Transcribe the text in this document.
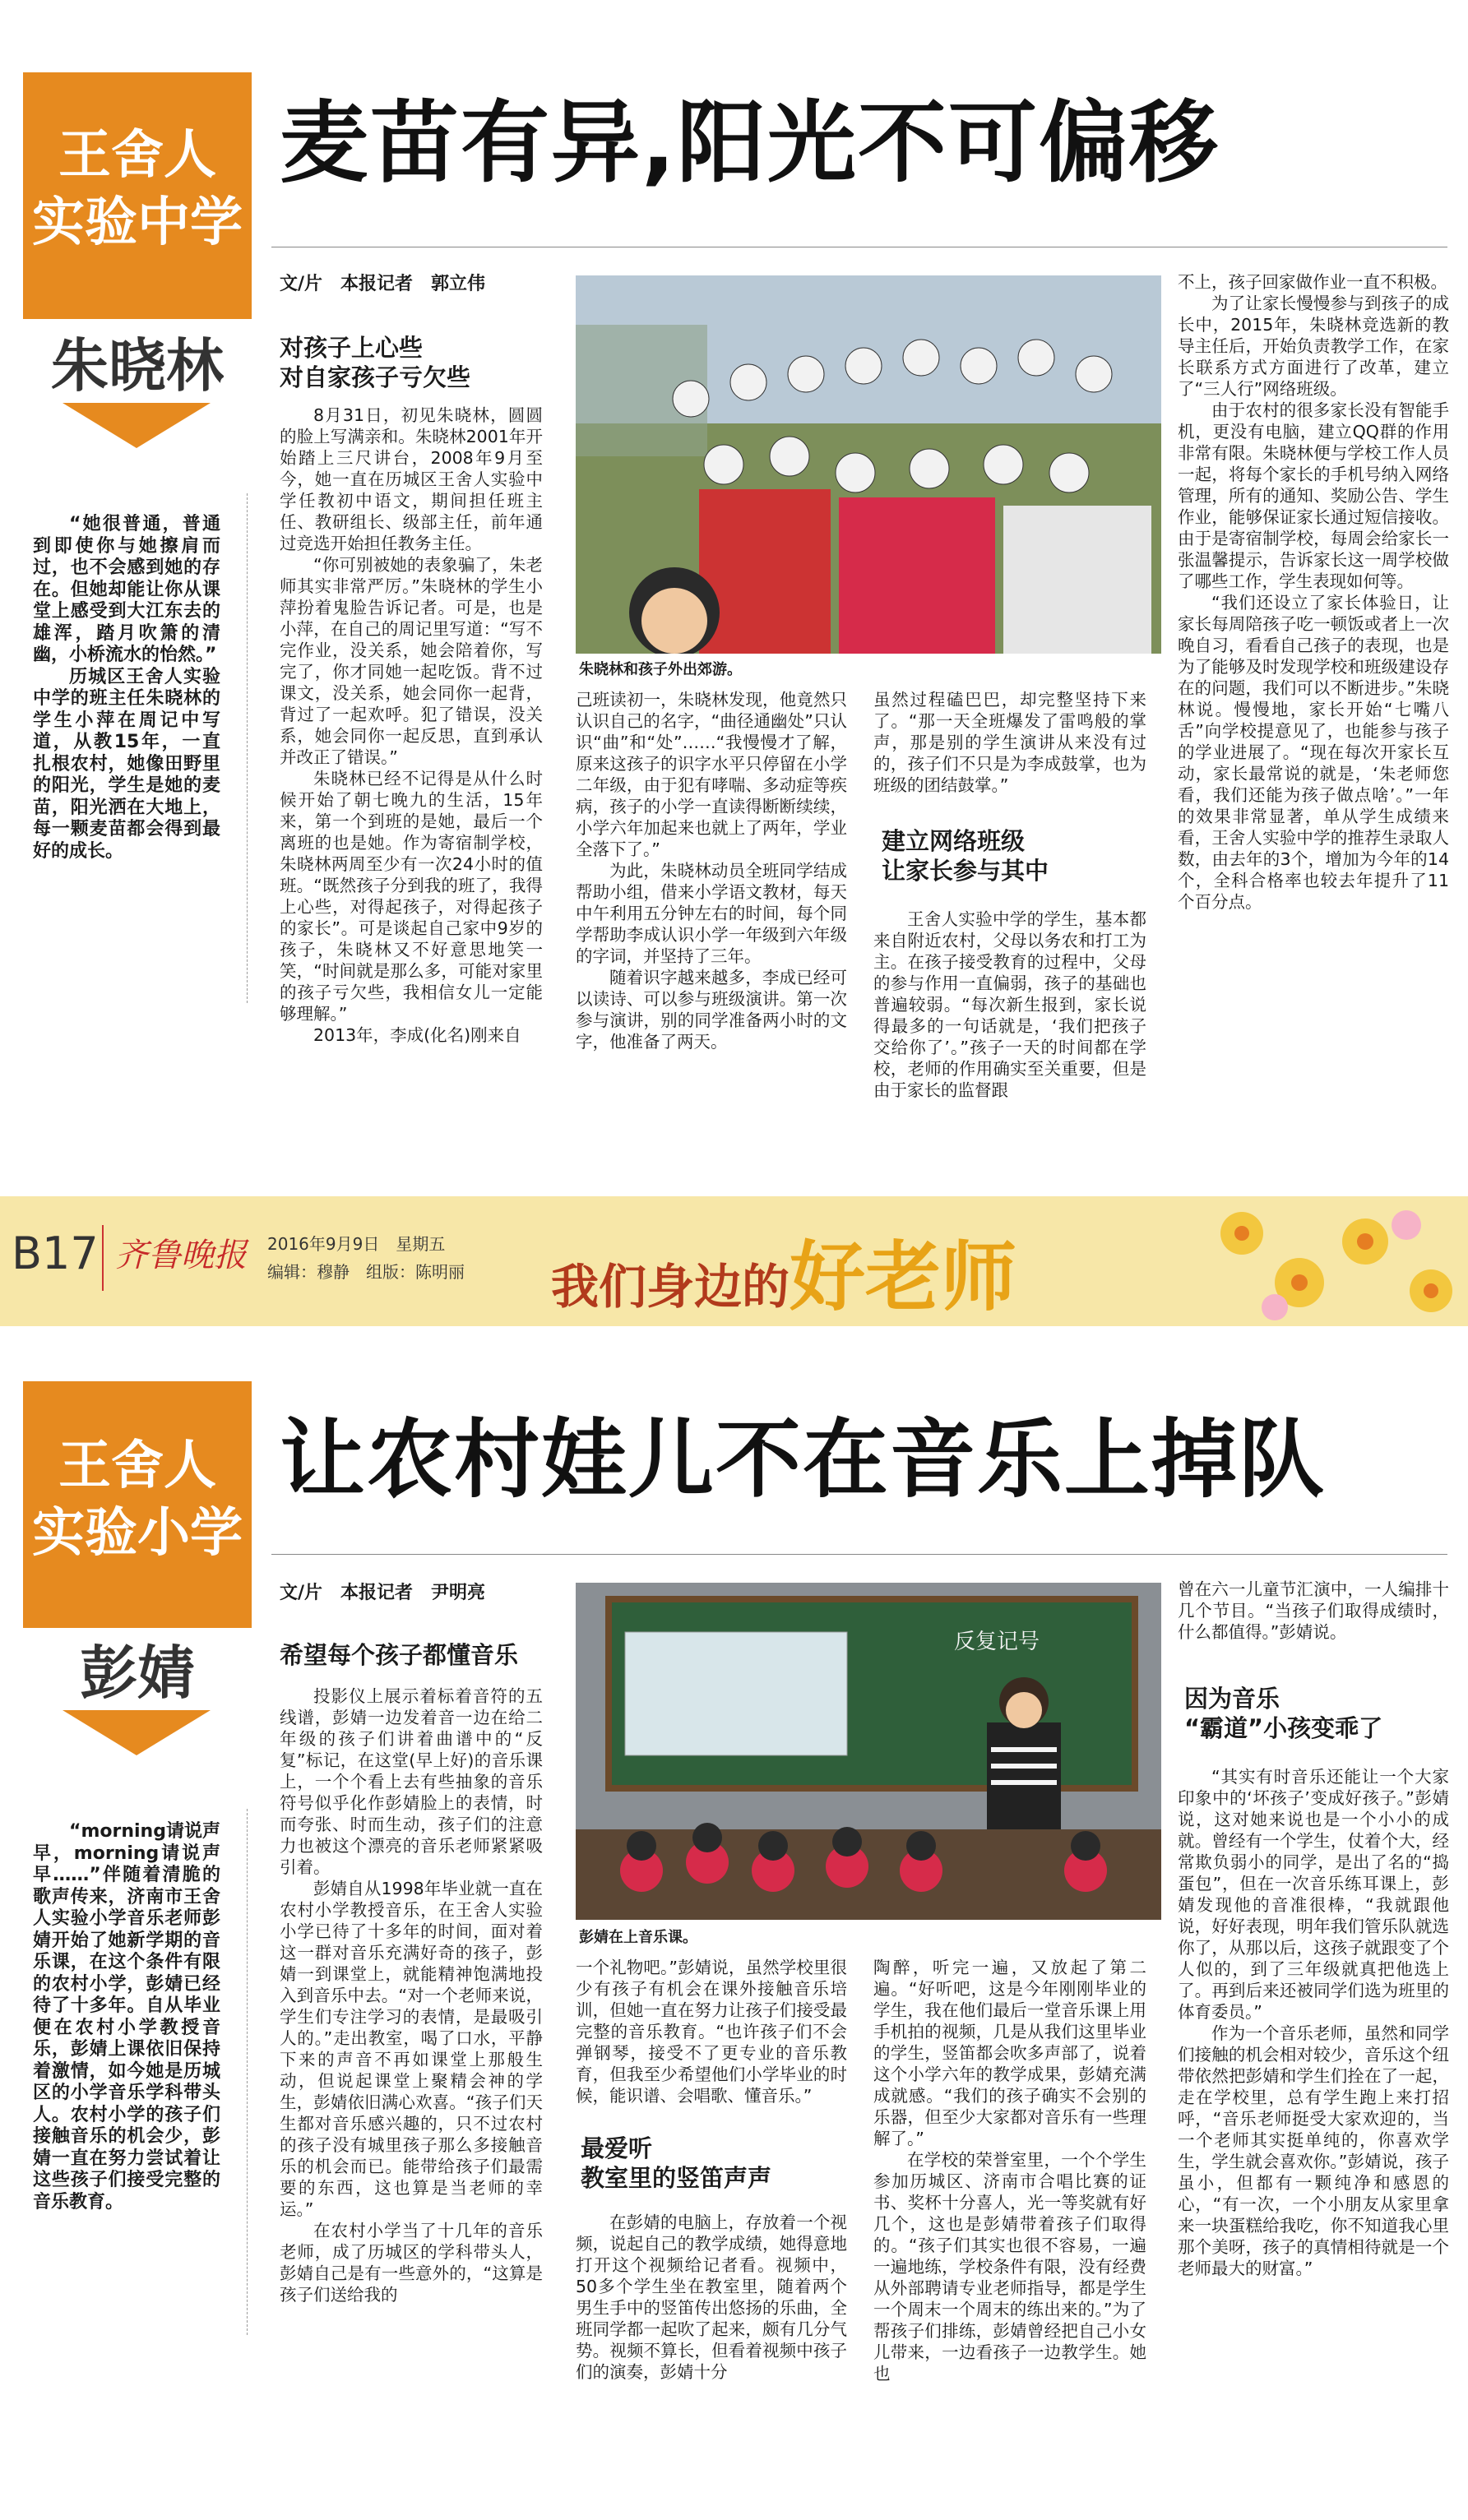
王舍人
实验中学
朱晓林
麦苗有异,阳光不可偏移
文/片　本报记者　郭立伟

“她很普通，普通到即使你与她擦肩而过，也不会感到她的存在。但她却能让你从课堂上感受到大江东去的雄浑，踏月吹箫的清幽，小桥流水的怡然。”

历城区王舍人实验中学的班主任朱晓林的学生小萍在周记中写道，从教15年，一直扎根农村，她像田野里的阳光，学生是她的麦苗，阳光洒在大地上，每一颗麦苗都会得到最好的成长。

对孩子上心些
对自家孩子亏欠些

8月31日，初见朱晓林，圆圆的脸上写满亲和。朱晓林2001年开始踏上三尺讲台，2008年9月至今，她一直在历城区王舍人实验中学任教初中语文，期间担任班主任、教研组长、级部主任，前年通过竞选开始担任教务主任。

“你可别被她的表象骗了，朱老师其实非常严厉。”朱晓林的学生小萍扮着鬼脸告诉记者。可是，也是小萍，在自己的周记里写道：“写不完作业，没关系，她会陪着你，写完了，你才同她一起吃饭。背不过课文，没关系，她会同你一起背，背过了一起欢呼。犯了错误，没关系，她会同你一起反思，直到承认并改正了错误。”

朱晓林已经不记得是从什么时候开始了朝七晚九的生活，15年来，第一个到班的是她，最后一个离班的也是她。作为寄宿制学校，朱晓林两周至少有一次24小时的值班。“既然孩子分到我的班了，我得上心些，对得起孩子，对得起孩子的家长”。可是谈起自己家中9岁的孩子，朱晓林又不好意思地笑一笑，“时间就是那么多，可能对家里的孩子亏欠些，我相信女儿一定能够理解。”

2013年，李成(化名)刚来自

朱晓林和孩子外出郊游。

己班读初一，朱晓林发现，他竟然只认识自己的名字，“曲径通幽处”只认识“曲”和“处”……“我慢慢才了解，原来这孩子的识字水平只停留在小学二年级，由于犯有哮喘、多动症等疾病，孩子的小学一直读得断断续续，小学六年加起来也就上了两年，学业全落下了。”

为此，朱晓林动员全班同学结成帮助小组，借来小学语文教材，每天中午利用五分钟左右的时间，每个同学帮助李成认识小学一年级到六年级的字词，并坚持了三年。

随着识字越来越多，李成已经可以读诗、可以参与班级演讲。第一次参与演讲，别的同学准备两小时的文字，他准备了两天。

虽然过程磕巴巴，却完整坚持下来了。“那一天全班爆发了雷鸣般的掌声，那是别的学生演讲从来没有过的，孩子们不只是为李成鼓掌，也为班级的团结鼓掌。”

建立网络班级
让家长参与其中

王舍人实验中学的学生，基本都来自附近农村，父母以务农和打工为主。在孩子接受教育的过程中，父母的参与作用一直偏弱，孩子的基础也普遍较弱。“每次新生报到，家长说得最多的一句话就是，‘我们把孩子交给你了’。”孩子一天的时间都在学校，老师的作用确实至关重要，但是由于家长的监督跟

不上，孩子回家做作业一直不积极。

为了让家长慢慢参与到孩子的成长中，2015年，朱晓林竞选新的教导主任后，开始负责教学工作，在家长联系方式方面进行了改革，建立了“三人行”网络班级。

由于农村的很多家长没有智能手机，更没有电脑，建立QQ群的作用非常有限。朱晓林便与学校工作人员一起，将每个家长的手机号纳入网络管理，所有的通知、奖励公告、学生作业，能够保证家长通过短信接收。由于是寄宿制学校，每周会给家长一张温馨提示，告诉家长这一周学校做了哪些工作，学生表现如何等。

“我们还设立了家长体验日，让家长每周陪孩子吃一顿饭或者上一次晚自习，看看自己孩子的表现，也是为了能够及时发现学校和班级建设存在的问题，我们可以不断进步。”朱晓林说。慢慢地，家长开始“七嘴八舌”向学校提意见了，也能参与孩子的学业进展了。“现在每次开家长互动，家长最常说的就是，‘朱老师您看，我们还能为孩子做点啥’。”一年的效果非常显著，单从学生成绩来看，王舍人实验中学的推荐生录取人数，由去年的3个，增加为今年的14个，全科合格率也较去年提升了11个百分点。

B17 齐鲁晚报 2016年9月9日　星期五
编辑：穆静　组版：陈明丽 我们身边的好老师
王舍人
实验小学
彭婧
让农村娃儿不在音乐上掉队
文/片　本报记者　尹明亮

“morning请说声早，morning请说声早……”伴随着清脆的歌声传来，济南市王舍人实验小学音乐老师彭婧开始了她新学期的音乐课，在这个条件有限的农村小学，彭婧已经待了十多年。自从毕业便在农村小学教授音乐，彭婧上课依旧保持着激情，如今她是历城区的小学音乐学科带头人。农村小学的孩子们接触音乐的机会少，彭婧一直在努力尝试着让这些孩子们接受完整的音乐教育。

希望每个孩子都懂音乐

投影仪上展示着标着音符的五线谱，彭婧一边发着音一边在给二年级的孩子们讲着曲谱中的“反复”标记，在这堂(早上好)的音乐课上，一个个看上去有些抽象的音乐符号似乎化作彭婧脸上的表情，时而夸张、时而生动，孩子们的注意力也被这个漂亮的音乐老师紧紧吸引着。

彭婧自从1998年毕业就一直在农村小学教授音乐，在王舍人实验小学已待了十多年的时间，面对着这一群对音乐充满好奇的孩子，彭婧一到课堂上，就能精神饱满地投入到音乐中去。“对一个老师来说，学生们专注学习的表情，是最吸引人的。”走出教室，喝了口水，平静下来的声音不再如课堂上那般生动，但说起课堂上聚精会神的学生，彭婧依旧满心欢喜。“孩子们天生都对音乐感兴趣的，只不过农村的孩子没有城里孩子那么多接触音乐的机会而已。能带给孩子们最需要的东西，这也算是当老师的幸运。”

在农村小学当了十几年的音乐老师，成了历城区的学科带头人，彭婧自己是有一些意外的，“这算是孩子们送给我的

反复记号
彭婧在上音乐课。

一个礼物吧。”彭婧说，虽然学校里很少有孩子有机会在课外接触音乐培训，但她一直在努力让孩子们接受最完整的音乐教育。“也许孩子们不会弹钢琴，接受不了更专业的音乐教育，但我至少希望他们小学毕业的时候，能识谱、会唱歌、懂音乐。”

最爱听
教室里的竖笛声声

在彭婧的电脑上，存放着一个视频，说起自己的教学成绩，她得意地打开这个视频给记者看。视频中，50多个学生坐在教室里，随着两个男生手中的竖笛传出悠扬的乐曲，全班同学都一起吹了起来，颇有几分气势。视频不算长，但看着视频中孩子们的演奏，彭婧十分

陶醉，听完一遍，又放起了第二遍。“好听吧，这是今年刚刚毕业的学生，我在他们最后一堂音乐课上用手机拍的视频，几是从我们这里毕业的学生，竖笛都会吹多声部了，说着这个小学六年的教学成果，彭婧充满成就感。“我们的孩子确实不会别的乐器，但至少大家都对音乐有一些理解了。”

在学校的荣誉室里，一个个学生参加历城区、济南市合唱比赛的证书、奖杯十分喜人，光一等奖就有好几个，这也是彭婧带着孩子们取得的。“孩子们其实也很不容易，一遍一遍地练，学校条件有限，没有经费从外部聘请专业老师指导，都是学生一个周末一个周末的练出来的。”为了帮孩子们排练，彭婧曾经把自己小女儿带来，一边看孩子一边教学生。她也

曾在六一儿童节汇演中，一人编排十几个节目。“当孩子们取得成绩时，什么都值得。”彭婧说。

因为音乐
“霸道”小孩变乖了

“其实有时音乐还能让一个大家印象中的‘坏孩子’变成好孩子。”彭婧说，这对她来说也是一个小小的成就。曾经有一个学生，仗着个大，经常欺负弱小的同学，是出了名的“捣蛋包”，但在一次音乐练耳课上，彭婧发现他的音准很棒，“我就跟他说，好好表现，明年我们管乐队就选你了，从那以后，这孩子就跟变了个人似的，到了三年级就真把他选上了。再到后来还被同学们选为班里的体育委员。”

作为一个音乐老师，虽然和同学们接触的机会相对较少，音乐这个纽带依然把彭婧和学生们拴在了一起，走在学校里，总有学生跑上来打招呼，“音乐老师挺受大家欢迎的，当一个老师其实挺单纯的，你喜欢学生，学生就会喜欢你。”彭婧说，孩子虽小，但都有一颗纯净和感恩的心，“有一次，一个小朋友从家里拿来一块蛋糕给我吃，你不知道我心里那个美呀，孩子的真情相待就是一个老师最大的财富。”
